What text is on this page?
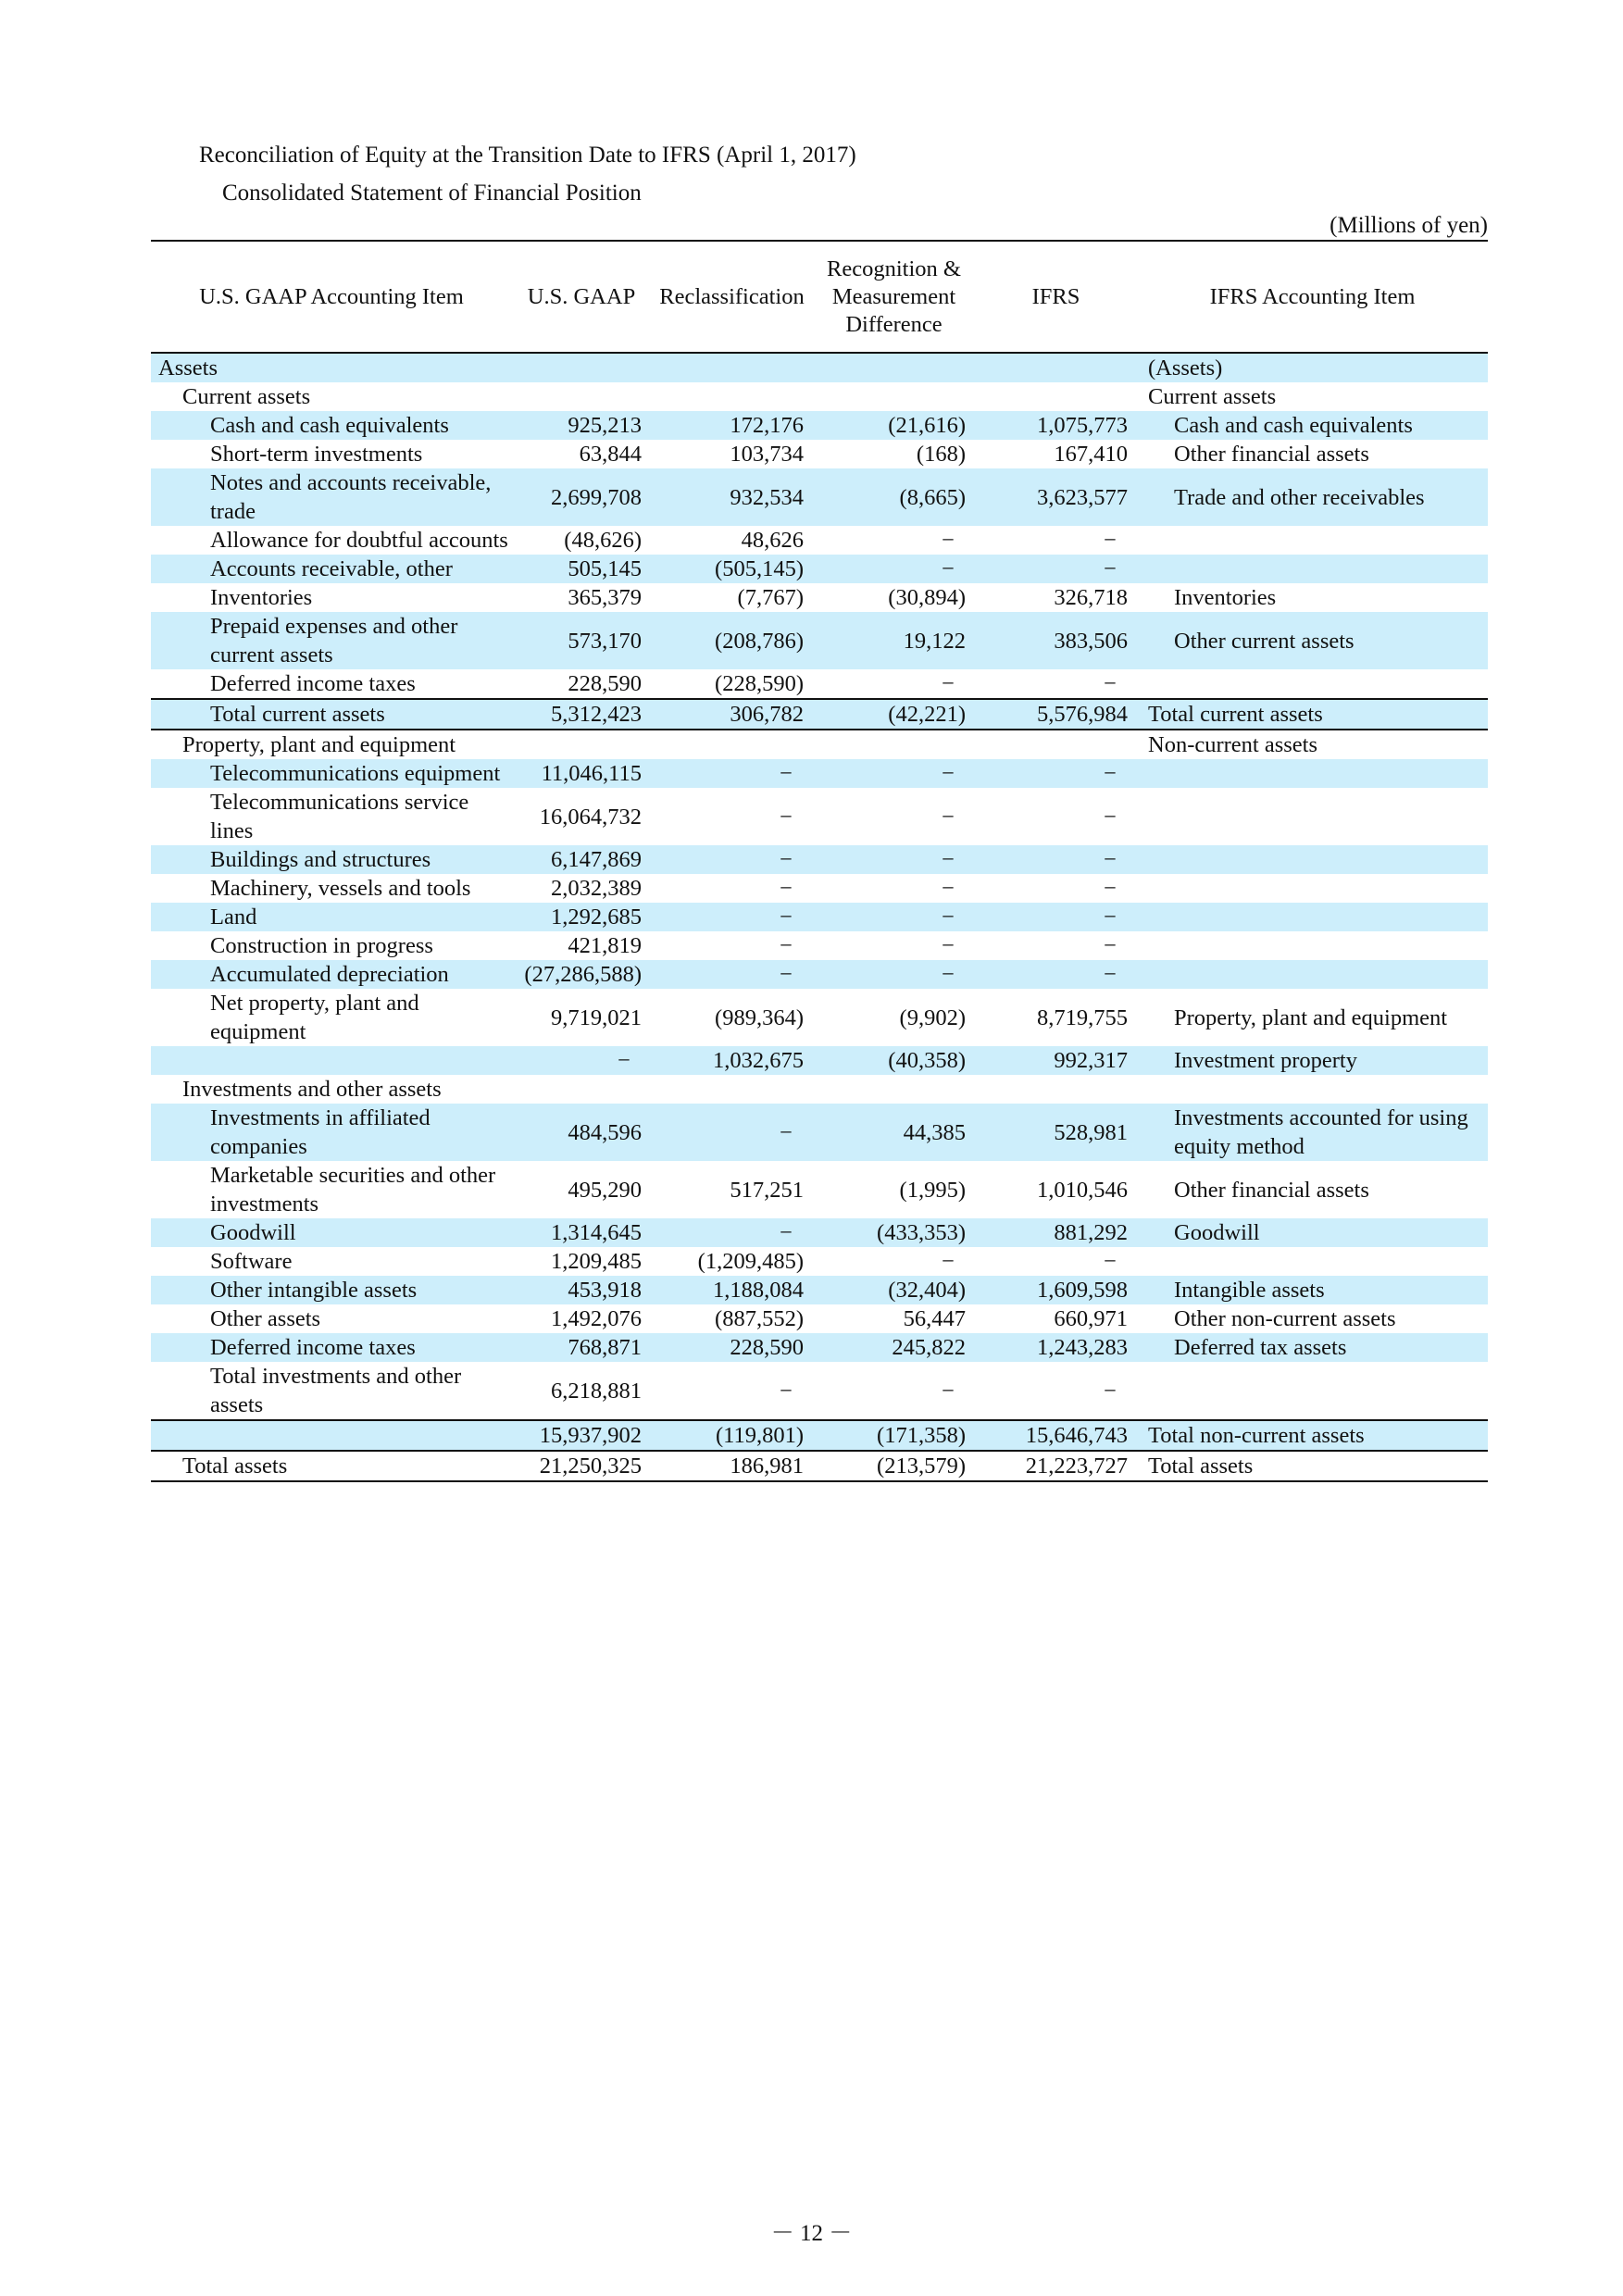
Reconciliation of Equity at the Transition Date to IFRS (April 1, 2017)
Consolidated Statement of Financial Position
(Millions of yen)
U.S. GAAP Accounting Item	U.S. GAAP	Reclassification	Recognition & Measurement Difference	IFRS	IFRS Accounting Item
Assets					(Assets)
Current assets					Current assets
Cash and cash equivalents	925,213	172,176	(21,616)	1,075,773	Cash and cash equivalents
Short-term investments	63,844	103,734	(168)	167,410	Other financial assets
Notes and accounts receivable, trade	2,699,708	932,534	(8,665)	3,623,577	Trade and other receivables
Allowance for doubtful accounts	(48,626)	48,626	−	−	
Accounts receivable, other	505,145	(505,145)	−	−	
Inventories	365,379	(7,767)	(30,894)	326,718	Inventories
Prepaid expenses and other current assets	573,170	(208,786)	19,122	383,506	Other current assets
Deferred income taxes	228,590	(228,590)	−	−	
Total current assets	5,312,423	306,782	(42,221)	5,576,984	Total current assets
Property, plant and equipment					Non-current assets
Telecommunications equipment	11,046,115	−	−	−	
Telecommunications service lines	16,064,732	−	−	−	
Buildings and structures	6,147,869	−	−	−	
Machinery, vessels and tools	2,032,389	−	−	−	
Land	1,292,685	−	−	−	
Construction in progress	421,819	−	−	−	
Accumulated depreciation	(27,286,588)	−	−	−	
Net property, plant and equipment	9,719,021	(989,364)	(9,902)	8,719,755	Property, plant and equipment
	−	1,032,675	(40,358)	992,317	Investment property
Investments and other assets					
Investments in affiliated companies	484,596	−	44,385	528,981	Investments accounted for using equity method
Marketable securities and other investments	495,290	517,251	(1,995)	1,010,546	Other financial assets
Goodwill	1,314,645	−	(433,353)	881,292	Goodwill
Software	1,209,485	(1,209,485)	−	−	
Other intangible assets	453,918	1,188,084	(32,404)	1,609,598	Intangible assets
Other assets	1,492,076	(887,552)	56,447	660,971	Other non-current assets
Deferred income taxes	768,871	228,590	245,822	1,243,283	Deferred tax assets
Total investments and other assets	6,218,881	−	−	−	
	15,937,902	(119,801)	(171,358)	15,646,743	Total non-current assets
Total assets	21,250,325	186,981	(213,579)	21,223,727	Total assets
－ 12 －
